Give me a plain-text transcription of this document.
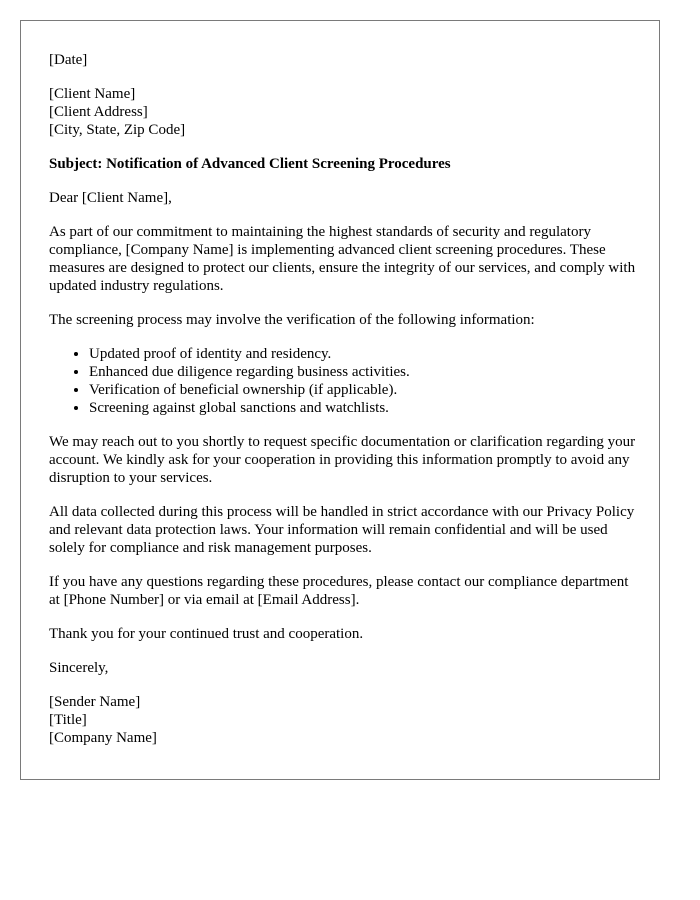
[Date]

[Client Name]

[Client Address]

[City, State, Zip Code]

Subject: Notification of Advanced Client Screening Procedures

Dear [Client Name],

As part of our commitment to maintaining the highest standards of security and regulatory compliance, [Company Name] is implementing advanced client screening procedures. These measures are designed to protect our clients, ensure the integrity of our services, and comply with updated industry regulations.

The screening process may involve the verification of the following information:

• Updated proof of identity and residency.
• Enhanced due diligence regarding business activities.
• Verification of beneficial ownership (if applicable).
• Screening against global sanctions and watchlists.

We may reach out to you shortly to request specific documentation or clarification regarding your account. We kindly ask for your cooperation in providing this information promptly to avoid any disruption to your services.

All data collected during this process will be handled in strict accordance with our Privacy Policy and relevant data protection laws. Your information will remain confidential and will be used solely for compliance and risk management purposes.

If you have any questions regarding these procedures, please contact our compliance department at [Phone Number] or via email at [Email Address].

Thank you for your continued trust and cooperation.

Sincerely,

[Sender Name]

[Title]

[Company Name]
